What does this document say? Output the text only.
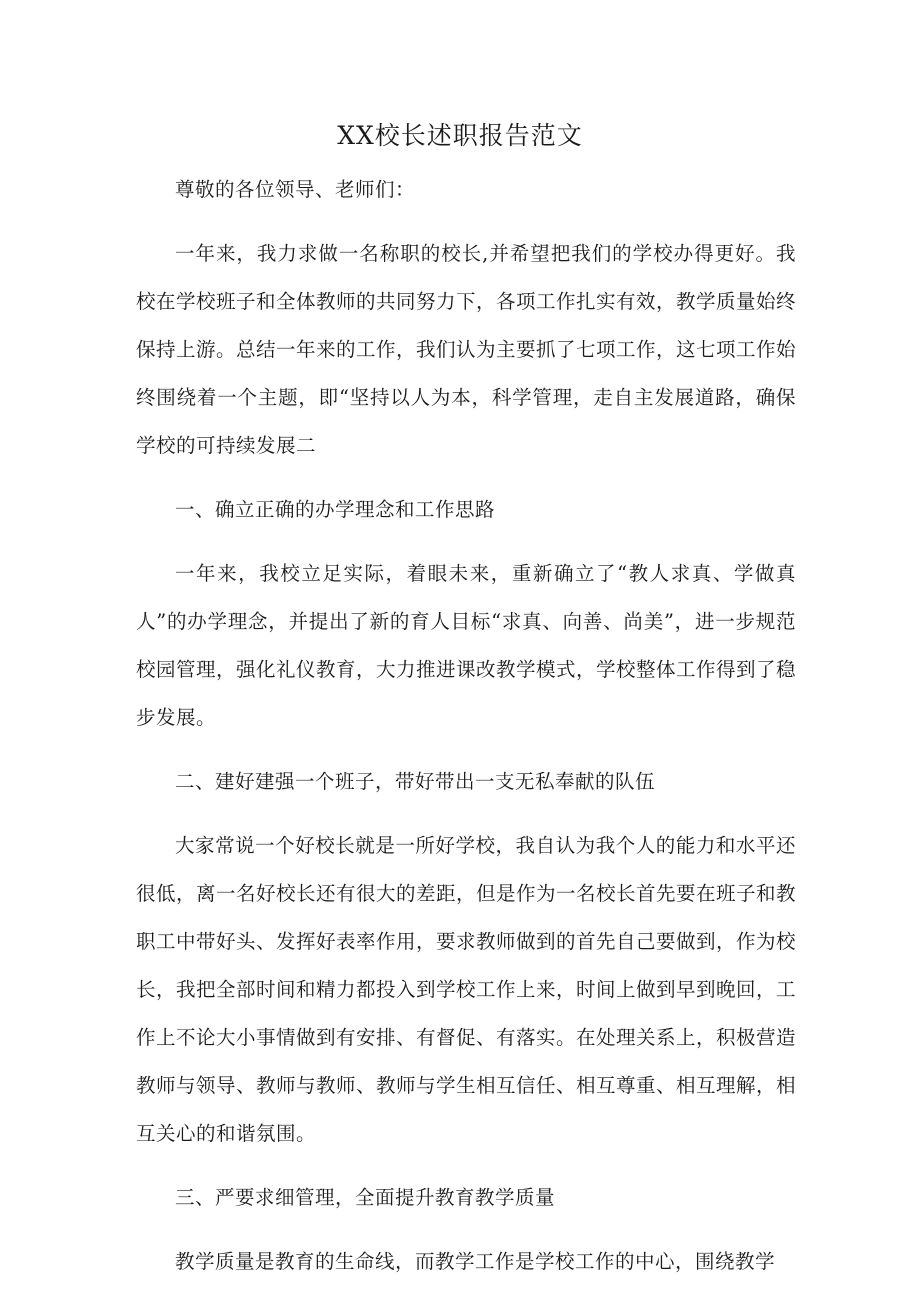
XX校长述职报告范文

尊敬的各位领导、老师们：

一年来，我力求做一名称职的校长,并希望把我们的学校办得更好。我校在学校班子和全体教师的共同努力下，各项工作扎实有效，教学质量始终保持上游。总结一年来的工作，我们认为主要抓了七项工作，这七项工作始终围绕着一个主题，即“坚持以人为本，科学管理，走自主发展道路，确保学校的可持续发展二

一、确立正确的办学理念和工作思路

一年来，我校立足实际，着眼未来，重新确立了“教人求真、学做真人”的办学理念，并提出了新的育人目标“求真、向善、尚美”，进一步规范校园管理，强化礼仪教育，大力推进课改教学模式，学校整体工作得到了稳步发展。

二、建好建强一个班子，带好带出一支无私奉献的队伍

大家常说一个好校长就是一所好学校，我自认为我个人的能力和水平还很低，离一名好校长还有很大的差距，但是作为一名校长首先要在班子和教职工中带好头、发挥好表率作用，要求教师做到的首先自己要做到，作为校长，我把全部时间和精力都投入到学校工作上来，时间上做到早到晚回，工作上不论大小事情做到有安排、有督促、有落实。在处理关系上，积极营造教师与领导、教师与教师、教师与学生相互信任、相互尊重、相互理解，相互关心的和谐氛围。

三、严要求细管理，全面提升教育教学质量

教学质量是教育的生命线，而教学工作是学校工作的中心，围绕教学
